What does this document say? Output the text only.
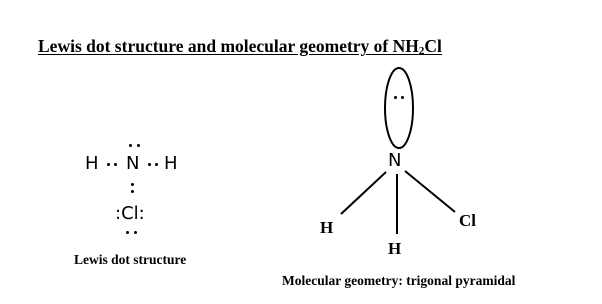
Lewis dot structure and molecular geometry of $NH_2Cl$
H N H
:Cl:
Lewis dot structure
N
H
H
Cl
Molecular geometry: trigonal pyramidal
